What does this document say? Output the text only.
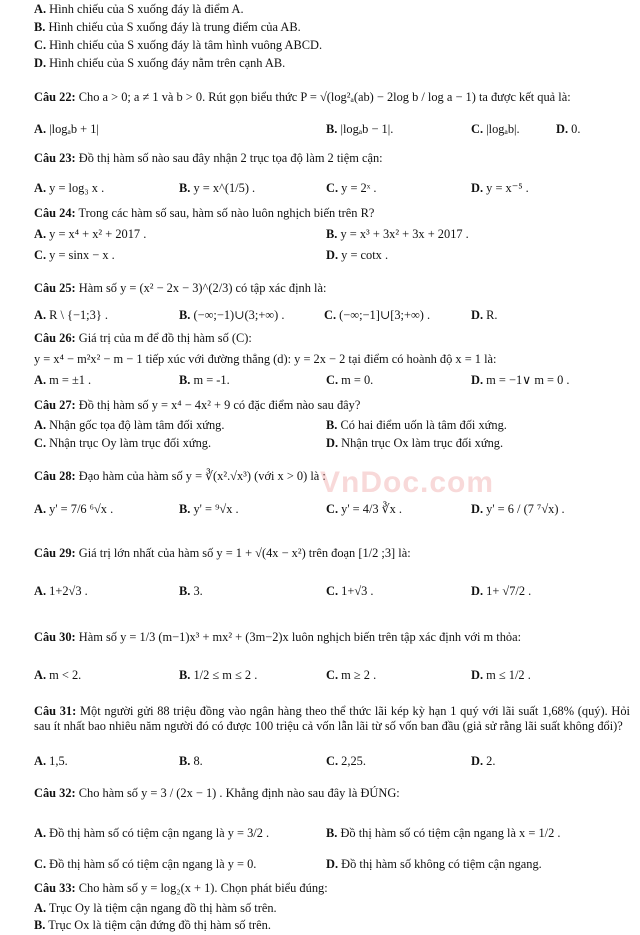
A. Hình chiếu của S xuống đáy là điểm A.
B. Hình chiếu của S xuống đáy là trung điểm của AB.
C. Hình chiếu của S xuống đáy là tâm hình vuông ABCD.
D. Hình chiếu của S xuống đáy nằm trên cạnh AB.
Câu 22: Cho a > 0; a ≠ 1 và b > 0. Rút gọn biểu thức P = √(log²ₐ(ab) − 2log b / log a − 1) ta được kết quả là:
A. |logₐb + 1|	B. |logₐb − 1|.	C. |logₐb|.	D. 0.
Câu 23: Đồ thị hàm số nào sau đây nhận 2 trục tọa độ làm 2 tiệm cận:
A. y = log₃ x .	B. y = x^(1/5) .	C. y = 2ˣ .	D. y = x⁻⁵ .
Câu 24: Trong các hàm số sau, hàm số nào luôn nghịch biến trên R?
A. y = x⁴ + x² + 2017 .	B. y = x³ + 3x² + 3x + 2017 .
C. y = sinx − x .	D. y = cotx .
Câu 25: Hàm số y = (x² − 2x − 3)^(2/3) có tập xác định là:
A. R \ {−1;3} .	B. (−∞;−1)∪(3;+∞) .	C. (−∞;−1]∪[3;+∞) .	D. R.
Câu 26: Giá trị của m để đồ thị hàm số (C):
y = x⁴ − m²x² − m − 1 tiếp xúc với đường thẳng (d): y = 2x − 2 tại điểm có hoành độ x = 1 là:
A. m = ±1 .	B. m = -1.	C. m = 0.	D. m = −1∨ m = 0 .
Câu 27: Đồ thị hàm số y = x⁴ − 4x² + 9 có đặc điểm nào sau đây?
A. Nhận gốc tọa độ làm tâm đối xứng.	B. Có hai điểm uốn là tâm đối xứng.
C. Nhận trục Oy làm trục đối xứng.	D. Nhận trục Ox làm trục đối xứng.
Câu 28: Đạo hàm của hàm số y = ∛(x².√x³) (với x > 0) là :
A. y' = 7/6 ⁶√x .	B. y' = ⁹√x .	C. y' = 4/3 ∛x .	D. y' = 6 / (7 ⁷√x) .
Câu 29: Giá trị lớn nhất của hàm số y = 1 + √(4x − x²) trên đoạn [1/2 ;3] là:
A. 1+2√3 .	B. 3.	C. 1+√3 .	D. 1+ √7/2 .
Câu 30: Hàm số y = 1/3 (m−1)x³ + mx² + (3m−2)x luôn nghịch biến trên tập xác định với m thỏa:
A. m < 2.	B. 1/2 ≤ m ≤ 2 .	C. m ≥ 2 .	D. m ≤ 1/2 .
Câu 31: Một người gửi 88 triệu đồng vào ngân hàng theo thể thức lãi kép kỳ hạn 1 quý với lãi suất 1,68% (quý). Hỏi sau ít nhất bao nhiêu năm người đó có được 100 triệu cả vốn lẫn lãi từ số vốn ban đầu (giả sử rằng lãi suất không đổi)?
A. 1,5.	B. 8.	C. 2,25.	D. 2.
Câu 32: Cho hàm số y = 3 / (2x − 1) . Khẳng định nào sau đây là ĐÚNG:
A. Đồ thị hàm số có tiệm cận ngang là y = 3/2 .	B. Đồ thị hàm số có tiệm cận ngang là x = 1/2 .
C. Đồ thị hàm số có tiệm cận ngang là y = 0.	D. Đồ thị hàm số không có tiệm cận ngang.
Câu 33: Cho hàm số y = log₂(x + 1). Chọn phát biểu đúng:
A. Trục Oy là tiệm cận ngang đồ thị hàm số trên.
B. Trục Ox là tiệm cận đứng đồ thị hàm số trên.
VnDoc.com
